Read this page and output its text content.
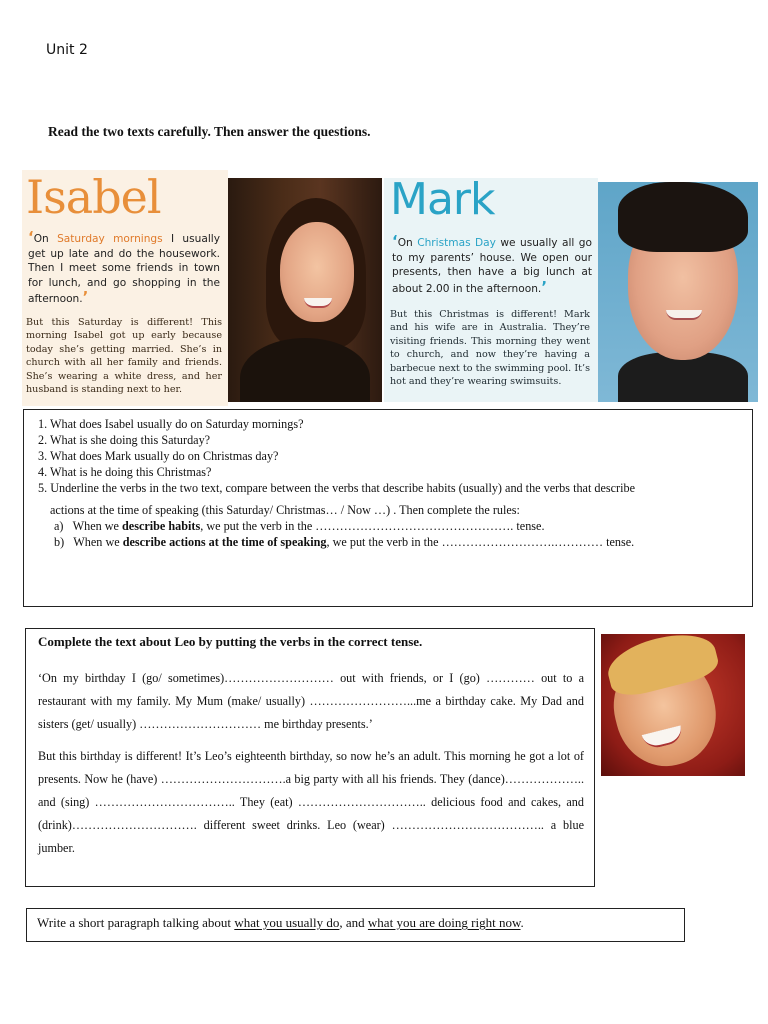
Unit 2
Read the two texts carefully. Then answer the questions.
Isabel
‘On Saturday mornings I usually get up late and do the housework. Then I meet some friends in town for lunch, and go shopping in the afternoon.’
But this Saturday is different! This morning Isabel got up early because today she’s getting married. She’s in church with all her family and friends. She’s wearing a white dress, and her husband is standing next to her.
Mark
‘On Christmas Day we usually all go to my parents’ house. We open our presents, then have a big lunch at about 2.00 in the afternoon.’
But this Christmas is different! Mark and his wife are in Australia. They’re visiting friends. This morning they went to church, and now they’re having a barbecue next to the swimming pool. It’s hot and they’re wearing swimsuits.
1. What does Isabel usually do on Saturday mornings?
2. What is she doing this Saturday?
3. What does Mark usually do on Christmas day?
4. What is he doing this Christmas?
5. Underline the verbs in the two text, compare between the verbs that describe habits (usually) and the verbs that describe
actions at the time of speaking (this Saturday/ Christmas… / Now …) . Then complete the rules:
a) When we describe habits, we put the verb in the …………………………………………. tense.
b) When we describe actions at the time of speaking, we put the verb in the ……………………….………… tense.
Complete the text about Leo by putting the verbs in the correct tense.
‘On my birthday I (go/ sometimes)……………………… out with friends, or I (go) ………… out to a restaurant with my family. My Mum (make/ usually) ……………………...me a birthday cake. My Dad and sisters (get/ usually) ………………………… me birthday presents.’
But this birthday is different! It’s Leo’s eighteenth birthday, so now he’s an adult. This morning he got a lot of presents. Now he (have) ………………………….a big party with all his friends. They (dance)……………….. and (sing) …………………………….. They (eat) ………………………….. delicious food and cakes, and (drink)…………………………. different sweet drinks. Leo (wear) ……………………………….. a blue jumber.
Write a short paragraph talking about what you usually do, and what you are doing right now.
